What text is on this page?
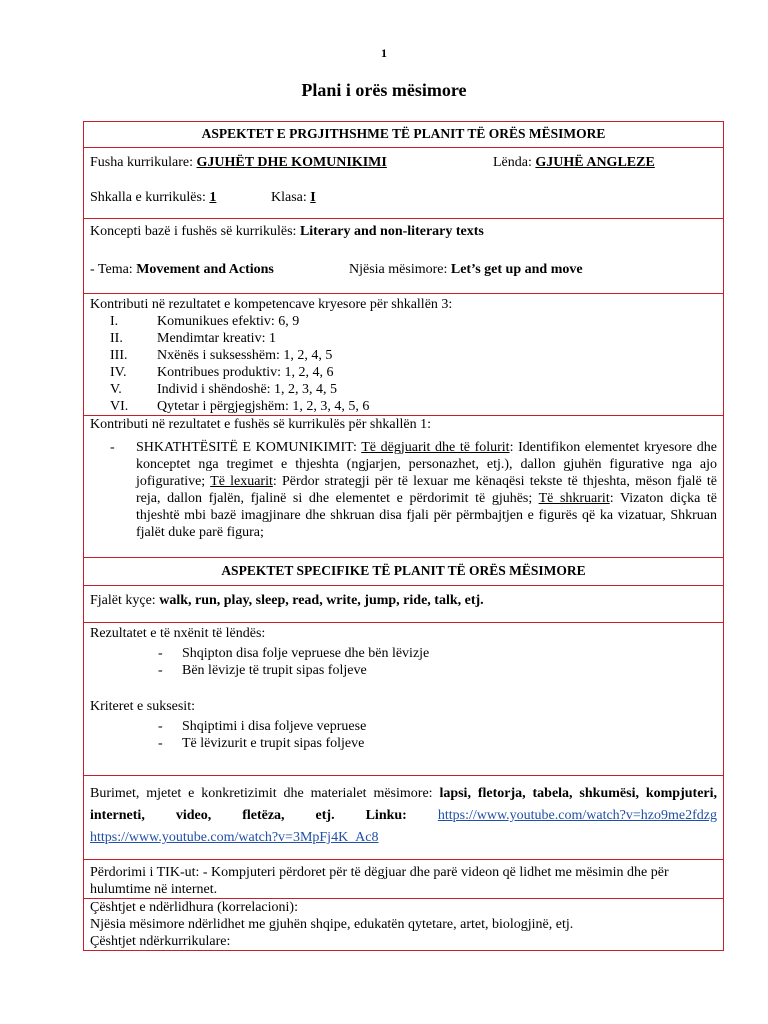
1
Plani i orës mësimore
ASPEKTET E PRGJITHSHME TË PLANIT TË ORËS MËSIMORE

Fusha kurrikulare: GJUHËT DHE KOMUNIKIMI	Lënda: GJUHË ANGLEZE
Shkalla e kurrikulës: 1	Klasa: I

Koncepti bazë i fushës së kurrikulës: Literary and non-literary texts
- Tema: Movement and Actions	Njësia mësimore: Let’s get up and move

Kontributi në rezultatet e kompetencave kryesore për shkallën 3:
I.	Komunikues efektiv: 6, 9
II.	Mendimtar kreativ: 1
III.	Nxënës i suksesshëm: 1, 2, 4, 5
IV.	Kontribues produktiv: 1, 2, 4, 6
V.	Individ i shëndoshë: 1, 2, 3, 4, 5
VI.	Qytetar i përgjegjshëm: 1, 2, 3, 4, 5, 6

Kontributi në rezultatet e fushës së kurrikulës për shkallën 1:
-	SHKATHTËSITË E KOMUNIKIMIT: Të dëgjuarit dhe të folurit: Identifikon elementet kryesore dhe konceptet nga tregimet e thjeshta (ngjarjen, personazhet, etj.), dallon gjuhën figurative nga ajo jofigurative; Të lexuarit: Përdor strategji për të lexuar me kënaqësi tekste të thjeshta, mëson fjalë të reja, dallon fjalën, fjalinë si dhe elementet e përdorimit të gjuhës; Të shkruarit: Vizaton diçka të thjeshtë mbi bazë imagjinare dhe shkruan disa fjali për përmbajtjen e figurës që ka vizatuar, Shkruan fjalët duke parë figura;

ASPEKTET SPECIFIKE TË PLANIT TË ORËS MËSIMORE
Fjalët kyçe: walk, run, play, sleep, read, write, jump, ride, talk, etj.

Rezultatet e të nxënit të lëndës:
-	Shqipton disa folje vepruese dhe bën lëvizje
-	Bën lëvizje të trupit sipas foljeve
Kriteret e suksesit:
-	Shqiptimi i disa foljeve vepruese
-	Të lëvizurit e trupit sipas foljeve

Burimet, mjetet e konkretizimit dhe materialet mësimore: lapsi, fletorja, tabela, shkumësi, kompjuteri, interneti, video, fletëza, etj. Linku: https://www.youtube.com/watch?v=hzo9me2fdzg https://www.youtube.com/watch?v=3MpFj4K_Ac8
Përdorimi i TIK-ut: - Kompjuteri përdoret për të dëgjuar dhe parë videon që lidhet me mësimin dhe për hulumtime në internet.

Çështjet e ndërlidhura (korrelacioni):
Njësia mësimore ndërlidhet me gjuhën shqipe, edukatën qytetare, artet, biologjinë, etj.
Çështjet ndërkurrikulare:
